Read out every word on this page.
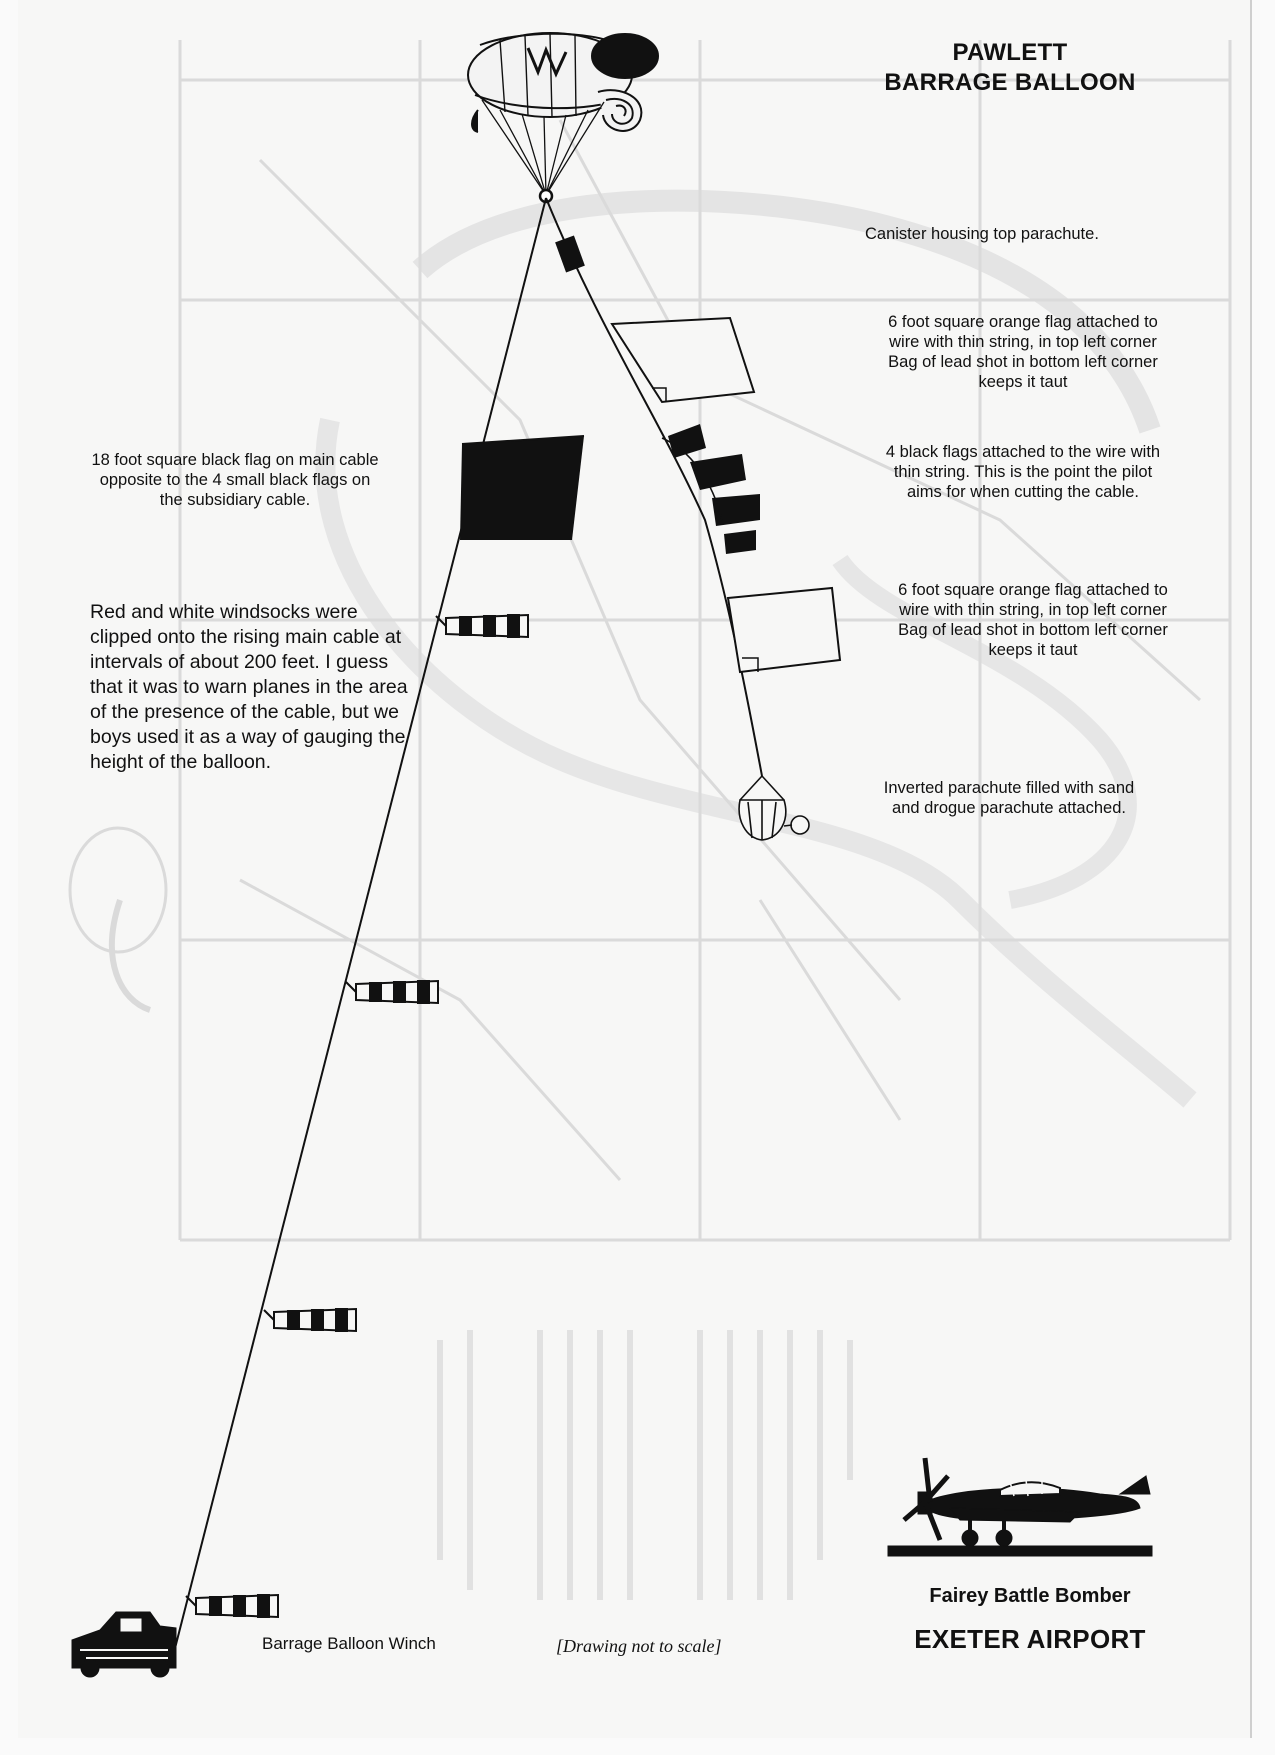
PAWLETT
BARRAGE BALLOON
Canister housing top parachute.
6 foot square orange flag attached to
wire with thin string, in top left corner
Bag of lead shot in bottom left corner
keeps it taut
4 black flags attached to the wire with
thin string. This is the point the pilot
aims for when cutting the cable.
6 foot square orange flag attached to
wire with thin string, in top left corner
Bag of lead shot in bottom left corner
keeps it taut
Inverted parachute filled with sand
and drogue parachute attached.
18 foot square black flag on main cable
opposite to the 4 small black flags on
the subsidiary cable.
Red and white windsocks were clipped onto the rising main cable at intervals of about 200 feet. I guess that it was to warn planes in the area of the presence of the cable, but we boys used it as a way of gauging the height of the balloon.
Barrage Balloon Winch	[Drawing not to scale]
Fairey Battle Bomber
EXETER AIRPORT
